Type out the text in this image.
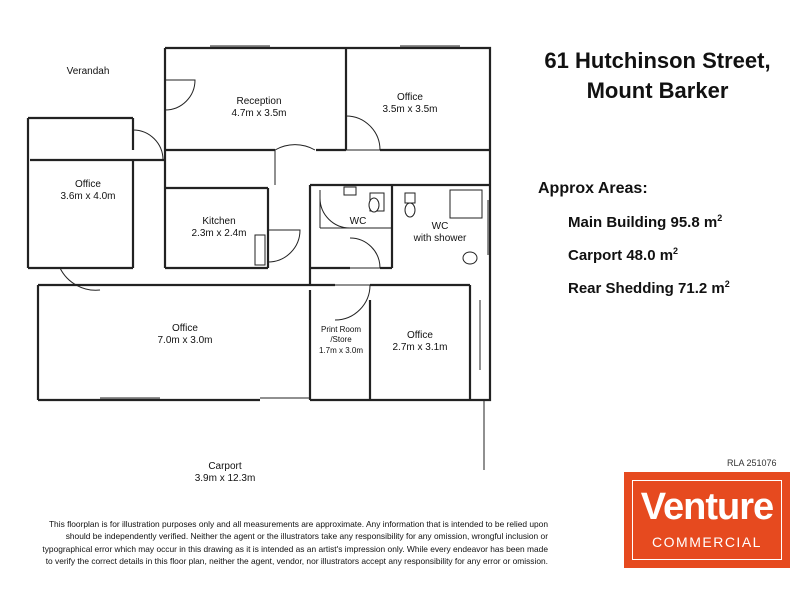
Verandah
Reception
4.7m x 3.5m
Office
3.5m x 3.5m
Office
3.6m x 4.0m
Kitchen
2.3m x 2.4m
WC	WC
with shower
Office
7.0m x 3.0m
Print Room
/Store
1.7m x 3.0m
Office
2.7m x 3.1m
Carport
3.9m x 12.3m
61 Hutchinson Street,
Mount Barker
Approx Areas:
Main Building 95.8 $m^2$
Carport 48.0 $m^2$
Rear Shedding 71.2 $m^2$
RLA 251076
This floorplan is for illustration purposes only and all measurements are approximate. Any information that is intended to be relied upon
should be independently verified. Neither the agent or the illustrators take any responsibility for any omission, wrongful inclusion or
typographical error which may occur in this drawing as it is intended as an artist's impression only. While every endeavor has been made
to verify the correct details in this floor plan, neither the agent, vendor, nor illustrators accept any responsibility for any error or omission.
Venture
COMMERCIAL
